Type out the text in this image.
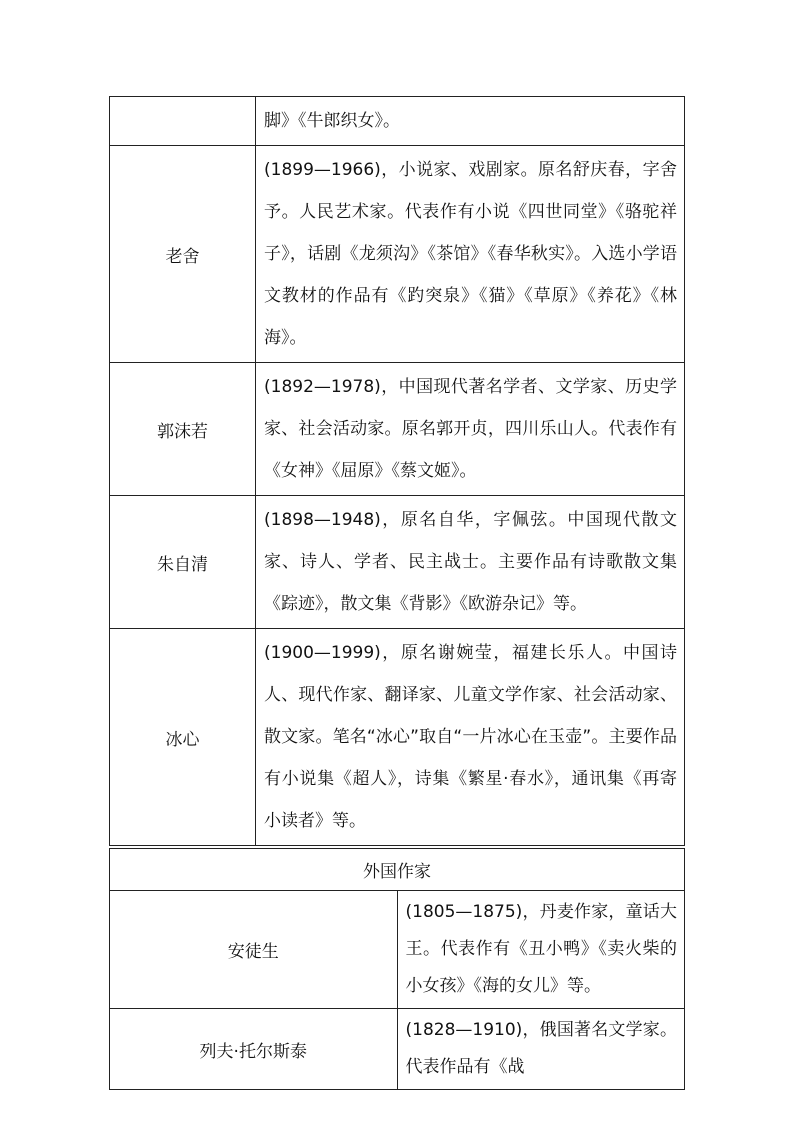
	脚》《牛郎织女》。
老舍	(1899—1966)，小说家、戏剧家。原名舒庆春，字舍予。人民艺术家。代表作有小说《四世同堂》《骆驼祥子》，话剧《龙须沟》《茶馆》《春华秋实》。入选小学语文教材的作品有《趵突泉》《猫》《草原》《养花》《林海》。
郭沫若	(1892—1978)，中国现代著名学者、文学家、历史学家、社会活动家。原名郭开贞，四川乐山人。代表作有《女神》《屈原》《蔡文姬》。
朱自清	(1898—1948)，原名自华，字佩弦。中国现代散文家、诗人、学者、民主战士。主要作品有诗歌散文集《踪迹》，散文集《背影》《欧游杂记》等。
冰心	(1900—1999)，原名谢婉莹，福建长乐人。中国诗人、现代作家、翻译家、儿童文学作家、社会活动家、散文家。笔名“冰心”取自“一片冰心在玉壶”。主要作品有小说集《超人》，诗集《繁星·春水》，通讯集《再寄小读者》等。
外国作家	
安徒生	(1805—1875)，丹麦作家，童话大王。代表作有《丑小鸭》《卖火柴的小女孩》《海的女儿》等。
列夫·托尔斯泰	(1828—1910)，俄国著名文学家。代表作品有《战
